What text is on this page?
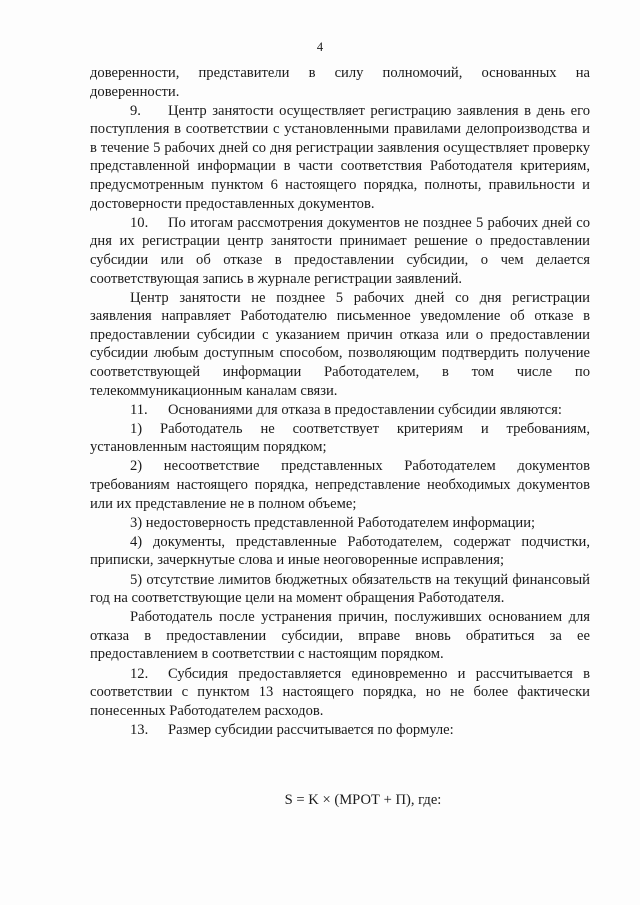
4

доверенности, представители в силу полномочий, основанных на доверенности.

9. Центр занятости осуществляет регистрацию заявления в день его поступления в соответствии с установленными правилами делопроизводства и в течение 5 рабочих дней со дня регистрации заявления осуществляет проверку представленной информации в части соответствия Работодателя критериям, предусмотренным пунктом 6 настоящего порядка, полноты, правильности и достоверности предоставленных документов.

10. По итогам рассмотрения документов не позднее 5 рабочих дней со дня их регистрации центр занятости принимает решение о предоставлении субсидии или об отказе в предоставлении субсидии, о чем делается соответствующая запись в журнале регистрации заявлений.

Центр занятости не позднее 5 рабочих дней со дня регистрации заявления направляет Работодателю письменное уведомление об отказе в предоставлении субсидии с указанием причин отказа или о предоставлении субсидии любым доступным способом, позволяющим подтвердить получение соответствующей информации Работодателем, в том числе по телекоммуникационным каналам связи.

11. Основаниями для отказа в предоставлении субсидии являются:

1) Работодатель не соответствует критериям и требованиям, установленным настоящим порядком;

2) несоответствие представленных Работодателем документов требованиям настоящего порядка, непредставление необходимых документов или их представление не в полном объеме;

3) недостоверность представленной Работодателем информации;

4) документы, представленные Работодателем, содержат подчистки, приписки, зачеркнутые слова и иные неоговоренные исправления;

5) отсутствие лимитов бюджетных обязательств на текущий финансовый год на соответствующие цели на момент обращения Работодателя.

Работодатель после устранения причин, послуживших основанием для отказа в предоставлении субсидии, вправе вновь обратиться за ее предоставлением в соответствии с настоящим порядком.

12. Субсидия предоставляется единовременно и рассчитывается в соответствии с пунктом 13 настоящего порядка, но не более фактически понесенных Работодателем расходов.

13. Размер субсидии рассчитывается по формуле:

S = K × (МРОТ + П), где:
